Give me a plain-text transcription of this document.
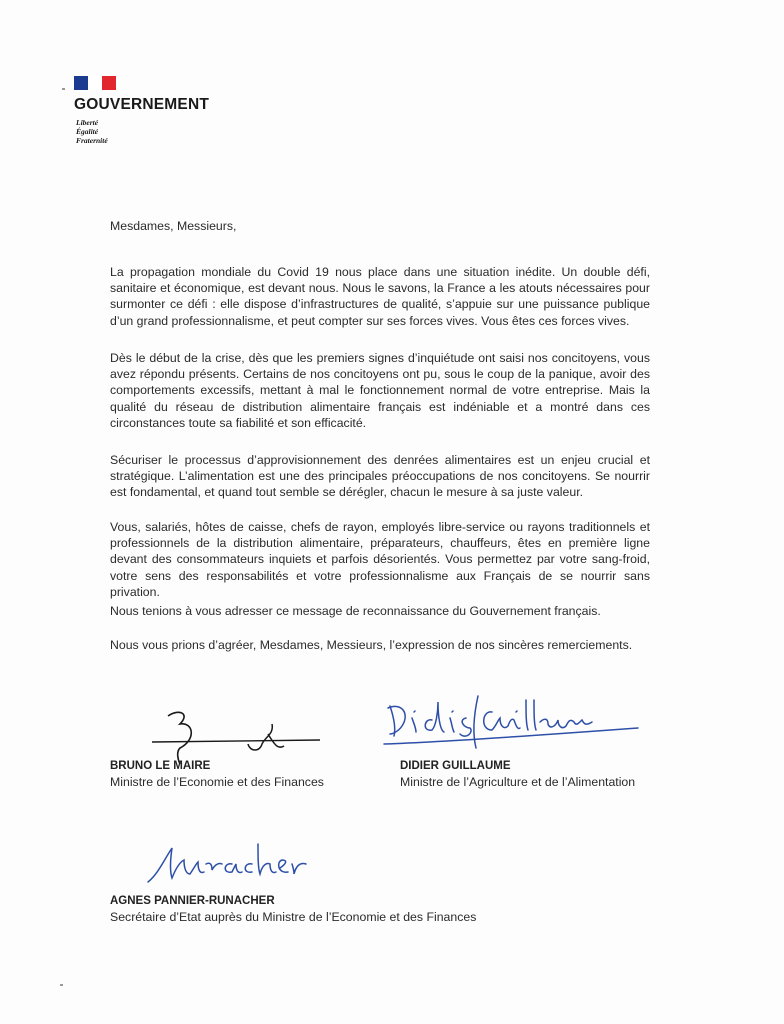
GOUVERNEMENT
Liberté
Égalité
Fraternité
Mesdames, Messieurs,

La propagation mondiale du Covid 19 nous place dans une situation inédite. Un double défi, sanitaire et économique, est devant nous. Nous le savons, la France a les atouts nécessaires pour surmonter ce défi : elle dispose d’infrastructures de qualité, s’appuie sur une puissance publique d’un grand professionnalisme, et peut compter sur ses forces vives. Vous êtes ces forces vives.

Dès le début de la crise, dès que les premiers signes d’inquiétude ont saisi nos concitoyens, vous avez répondu présents. Certains de nos concitoyens ont pu, sous le coup de la panique, avoir des comportements excessifs, mettant à mal le fonctionnement normal de votre entreprise. Mais la qualité du réseau de distribution alimentaire français est indéniable et a montré dans ces circonstances toute sa fiabilité et son efficacité.

Sécuriser le processus d’approvisionnement des denrées alimentaires est un enjeu crucial et stratégique. L’alimentation est une des principales préoccupations de nos concitoyens. Se nourrir est fondamental, et quand tout semble se dérégler, chacun le mesure à sa juste valeur.

Vous, salariés, hôtes de caisse, chefs de rayon, employés libre-service ou rayons traditionnels et professionnels de la distribution alimentaire, préparateurs, chauffeurs, êtes en première ligne devant des consommateurs inquiets et parfois désorientés. Vous permettez par votre sang-froid, votre sens des responsabilités et votre professionnalisme aux Français de se nourrir sans privation.

Nous tenions à vous adresser ce message de reconnaissance du Gouvernement français.

Nous vous prions d’agréer, Mesdames, Messieurs, l’expression de nos sincères remerciements.

BRUNO LE MAIRE
Ministre de l’Economie et des Finances
DIDIER GUILLAUME
Ministre de l’Agriculture et de l’Alimentation
AGNES PANNIER-RUNACHER
Secrétaire d’Etat auprès du Ministre de l’Economie et des Finances
